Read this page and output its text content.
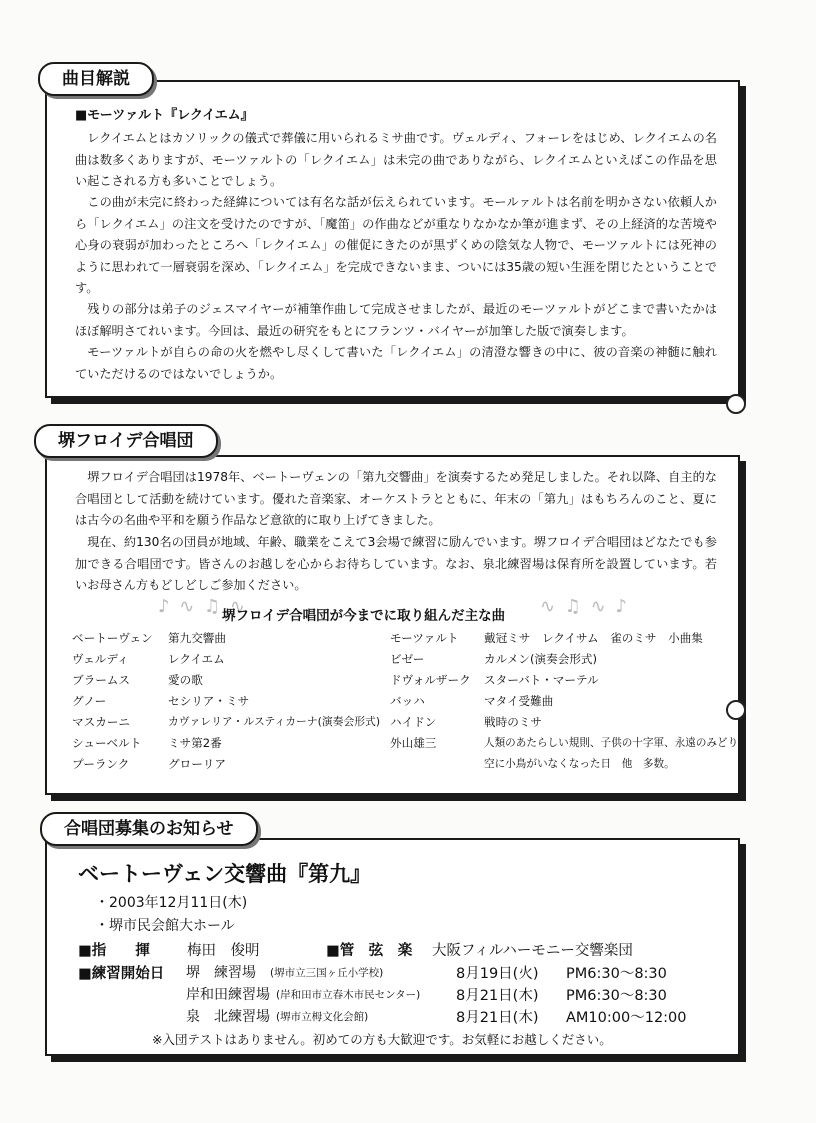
曲目解説
■モーツァルト『レクイエム』

レクイエムとはカソリックの儀式で葬儀に用いられるミサ曲です。ヴェルディ、フォーレをはじめ、レクイエムの名曲は数多くありますが、モーツァルトの「レクイエム」は未完の曲でありながら、レクイエムといえばこの作品を思い起こされる方も多いことでしょう。

この曲が未完に終わった経緯については有名な話が伝えられています。モールァルトは名前を明かさない依頼人から「レクイエム」の注文を受けたのですが、「魔笛」の作曲などが重なりなかなか筆が進まず、その上経済的な苦境や心身の衰弱が加わったところへ「レクイエム」の催促にきたのが黒ずくめの陰気な人物で、モーツァルトには死神のように思われて一層衰弱を深め、「レクイエム」を完成できないまま、ついには35歳の短い生涯を閉じたということです。

残りの部分は弟子のジェスマイヤーが補筆作曲して完成させましたが、最近のモーツァルトがどこまで書いたかはほぼ解明さてれいます。今回は、最近の研究をもとにフランツ・バイヤーが加筆した版で演奏します。

モーツァルトが自らの命の火を燃やし尽くして書いた「レクイエム」の清澄な響きの中に、彼の音楽の神髄に触れていただけるのではないでしょうか。

堺フロイデ合唱団

堺フロイデ合唱団は1978年、ベートーヴェンの「第九交響曲」を演奏するため発足しました。それ以降、自主的な合唱団として活動を続けています。優れた音楽家、オーケストラとともに、年末の「第九」はもちろんのこと、夏には古今の名曲や平和を願う作品など意欲的に取り上げてきました。

現在、約130名の団員が地域、年齢、職業をこえて3会場で練習に励んでいます。堺フロイデ合唱団はどなたでも参加できる合唱団です。皆さんのお越しを心からお待ちしています。なお、泉北練習場は保育所を設置しています。若いお母さん方もどしどしご参加ください。

♪ ∿ ♫ ∿	∿ ♫ ∿ ♪
堺フロイデ合唱団が今までに取り組んだ主な曲
ベートーヴェン 第九交響曲
ヴェルディ	レクイエム
ブラームス	愛の歌
グノー	セシリア・ミサ
マスカーニ	カヴァレリア・ルスティカーナ(演奏会形式)
シューベルト ミサ第2番
プーランク	グローリア
モーツァルト 戴冠ミサ　レクイサム　雀のミサ　小曲集
ビゼー	カルメン(演奏会形式)
ドヴォルザーク スターバト・マーテル
バッハ	マタイ受難曲
ハイドン	戦時のミサ
外山雄三	人類のあたらしい規則、子供の十字軍、永遠のみどり
空に小鳥がいなくなった日　他　多数。
合唱団募集のお知らせ
ベートーヴェン交響曲『第九』
・2003年12月11日(木)
・堺市民会館大ホール
■指　　揮	梅田　俊明	■管　弦　楽 大阪フィルハーモニー交響楽団
■練習開始日 堺　練習場 (堺市立三国ヶ丘小学校)	8月19日(火) PM6:30～8:30
岸和田練習場 (岸和田市立春木市民センター) 8月21日(木) PM6:30～8:30
泉　北練習場 (堺市立栂文化会館)	8月21日(木) AM10:00～12:00
※入団テストはありません。初めての方も大歓迎です。お気軽にお越しください。
